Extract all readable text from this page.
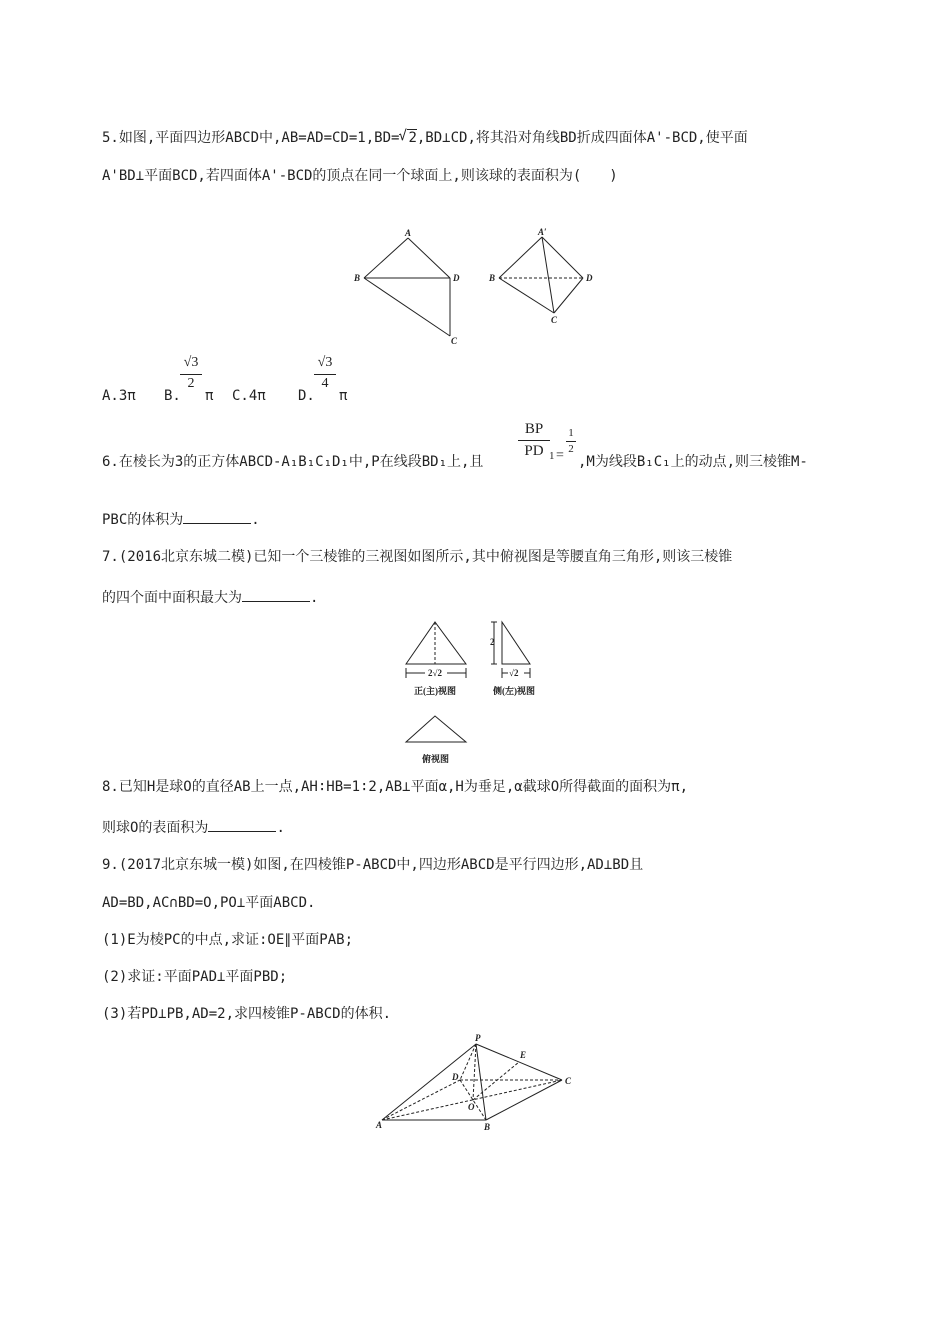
5.如图,平面四边形ABCD中,AB=AD=CD=1,BD=√ 2,BD⊥CD,将其沿对角线BD折成四面体A'-BCD,使平面
A'BD⊥平面BCD,若四面体A'-BCD的顶点在同一个球面上,则该球的表面积为(　　)
A
B	D
C
A′
B	D
C
A.3π B.
$\frac{√3}{2}$
π C.4π D.
$\frac{√3}{4}$
π
6.在棱长为3的正方体ABCD-A₁B₁C₁D₁中,P在线段BD₁上,且
$\frac{BP}{PD} 1 = \frac{1}{2}$
,M为线段B₁C₁上的动点,则三棱锥M-
PBC的体积为	.
7.(2016北京东城二模)已知一个三棱锥的三视图如图所示,其中俯视图是等腰直角三角形,则该三棱锥
的四个面中面积最大为	.
2√2
正(主)视图
2
√2
侧(左)视图
俯视图
8.已知H是球O的直径AB上一点,AH∶HB=1∶2,AB⊥平面α,H为垂足,α截球O所得截面的面积为π,
则球O的表面积为	.
9.(2017北京东城一模)如图,在四棱锥P-ABCD中,四边形ABCD是平行四边形,AD⊥BD且
AD=BD,AC∩BD=O,PO⊥平面ABCD.
(1)E为棱PC的中点,求证:OE∥平面PAB;
(2)求证:平面PAD⊥平面PBD;
(3)若PD⊥PB,AD=2,求四棱锥P-ABCD的体积.
P
E
D	C
O
A	B
